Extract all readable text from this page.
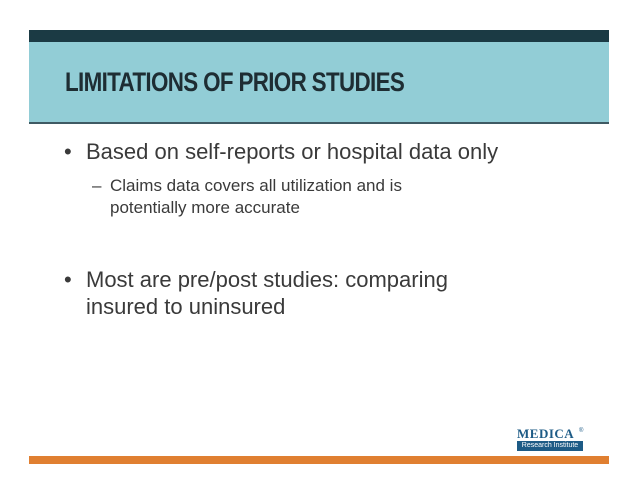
LIMITATIONS OF PRIOR STUDIES
• Based on self-reports or hospital data only
– Claims data covers all utilization and is
potentially more accurate
• Most are pre/post studies: comparing
insured to uninsured
MEDICA ®
Research Institute
